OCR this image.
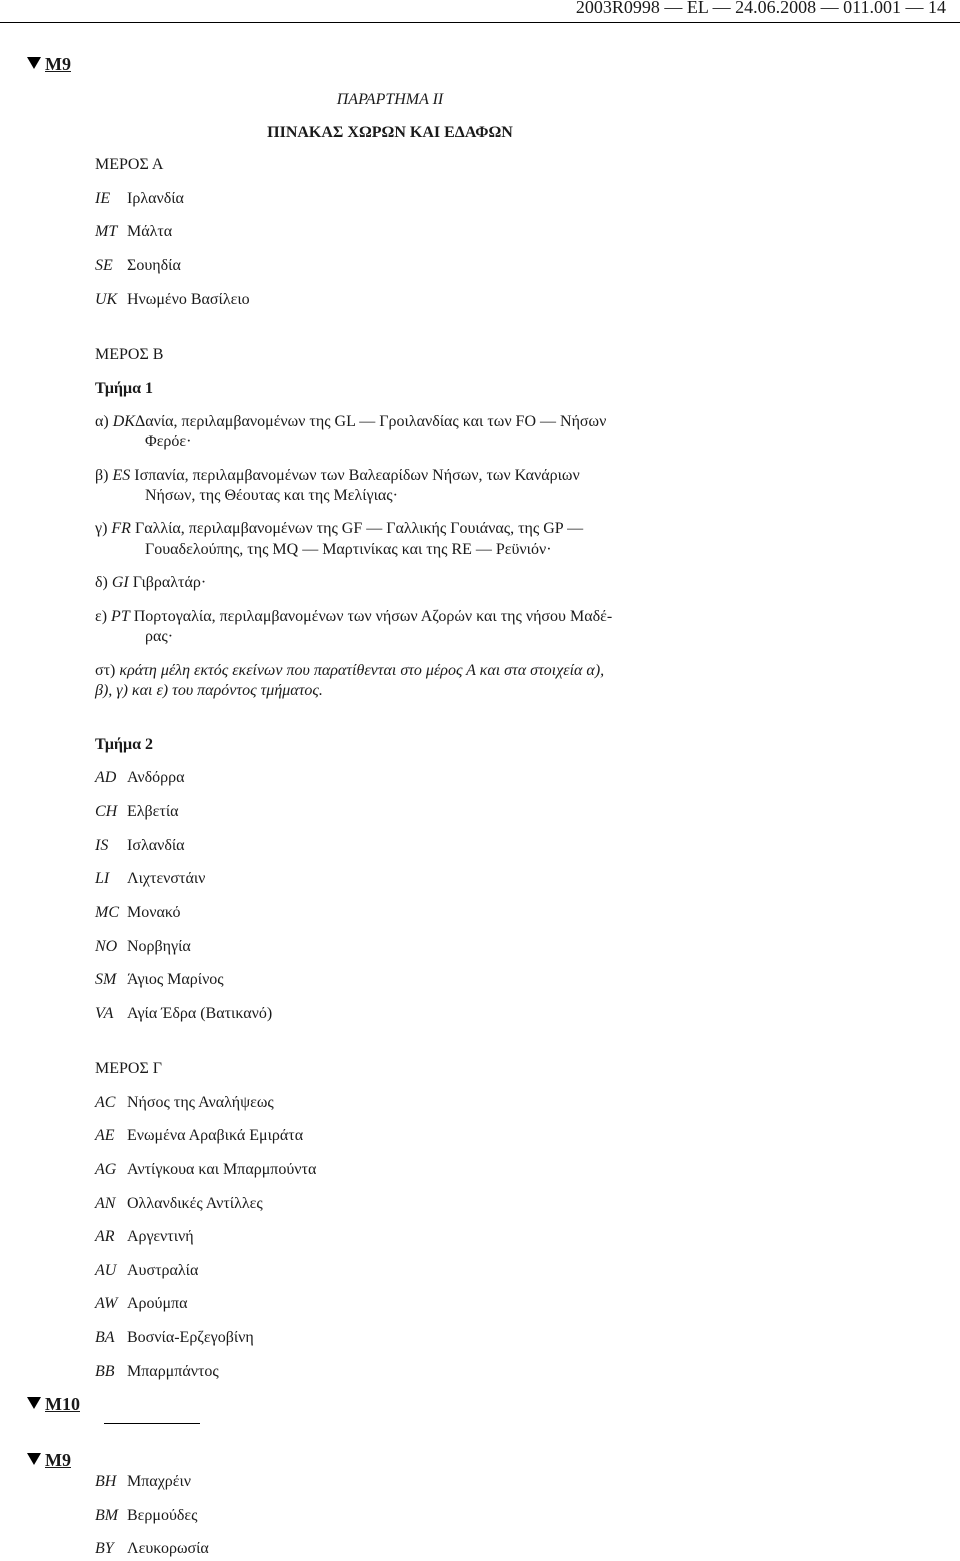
2003R0998 — EL — 24.06.2008 — 011.001 — 14
M9
M10
M9
ΠΑΡΑΡΤΗΜΑ ΙΙ
ΠΙΝΑΚΑΣ ΧΩΡΩΝ ΚΑΙ ΕΔΑΦΩΝ
ΜΕΡΟΣ Α
IE Ιρλανδία
MT Μάλτα
SE Σουηδία
UK Ηνωμένο Βασίλειο
ΜΕΡΟΣ Β
Τμήμα 1
α) DKΔανία, περιλαμβανομένων της GL — Γροιλανδίας και των FO — Νήσων
Φερόε·
β) ES Ισπανία, περιλαμβανομένων των Βαλεαρίδων Νήσων, των Κανάριων
Νήσων, της Θέουτας και της Μελίγιας·
γ) FR Γαλλία, περιλαμβανομένων της GF — Γαλλικής Γουιάνας, της GP —
Γουαδελούπης, της MQ — Μαρτινίκας και της RE — Ρεϋνιόν·
δ) GI Γιβραλτάρ·
ε) PT Πορτογαλία, περιλαμβανομένων των νήσων Αζορών και της νήσου Μαδέ-
ρας·
στ) κράτη μέλη εκτός εκείνων που παρατίθενται στο μέρος Α και στα στοιχεία α),
β), γ) και ε) του παρόντος τμήματος.
Τμήμα 2
AD Ανδόρρα
CH Ελβετία
IS Ισλανδία
LI Λιχτενστάιν
MC Μονακό
NO Νορβηγία
SM Άγιος Μαρίνος
VA Αγία Έδρα (Βατικανό)
ΜΕΡΟΣ Γ
AC Νήσος της Αναλήψεως
AE Ενωμένα Αραβικά Εμιράτα
AG Αντίγκουα και Μπαρμπούντα
AN Ολλανδικές Αντίλλες
AR Αργεντινή
AU Αυστραλία
AW Αρούμπα
BA Βοσνία-Ερζεγοβίνη
BB Μπαρμπάντος
BH Μπαχρέιν
BM Βερμούδες
BY Λευκορωσία
